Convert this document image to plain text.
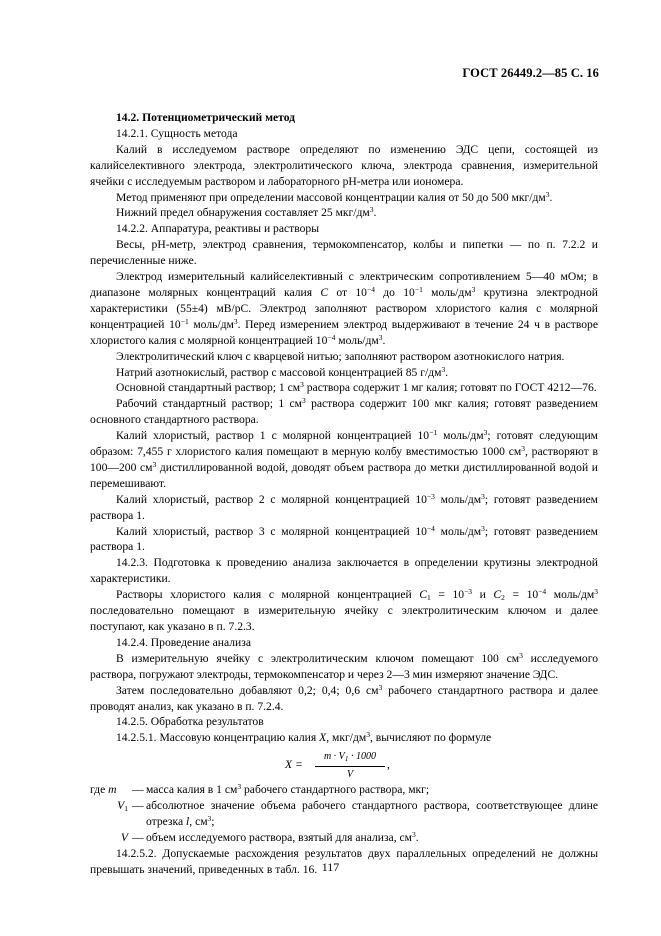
ГОСТ 26449.2—85 С. 16

14.2. Потенциометрический метод

14.2.1. Сущность метода

Калий в исследуемом растворе определяют по изменению ЭДС цепи, состоящей из калийселективного электрода, электролитического ключа, электрода сравнения, измерительной ячейки с исследуемым раствором и лабораторного pH-метра или иономера.

Метод применяют при определении массовой концентрации калия от 50 до 500 мкг/$дм^3$.

Нижний предел обнаружения составляет 25 мкг/$дм^3$.

14.2.2. Аппаратура, реактивы и растворы

Весы, pH-метр, электрод сравнения, термокомпенсатор, колбы и пипетки — по п. 7.2.2 и перечисленные ниже.

Электрод измерительный калийселективный с электрическим сопротивлением 5—40 мОм; в диапазоне молярных концентраций калия C от $10^{-4}$ до $10^{-1}$ моль/$дм^3$ крутизна электродной характеристики (55±4) мВ/pС. Электрод заполняют раствором хлористого калия с молярной концентрацией $10^{-1}$ моль/$дм^3$. Перед измерением электрод выдерживают в течение 24 ч в растворе хлористого калия с молярной концентрацией $10^{-4}$ моль/$дм^3$.

Электролитический ключ с кварцевой нитью; заполняют раствором азотнокислого натрия.

Натрий азотнокислый, раствор с массовой концентрацией 85 $г/дм^3$.

Основной стандартный раствор; 1 $см^3$ раствора содержит 1 мг калия; готовят по ГОСТ 4212—76.

Рабочий стандартный раствор; 1 $см^3$ раствора содержит 100 мкг калия; готовят разведением основного стандартного раствора.

Калий хлористый, раствор 1 с молярной концентрацией $10^{-1}$ моль/$дм^3$; готовят следующим образом: 7,455 г хлористого калия помещают в мерную колбу вместимостью 1000 $см^3$, растворяют в 100—200 $см^3$ дистиллированной водой, доводят объем раствора до метки дистиллированной водой и перемешивают.

Калий хлористый, раствор 2 с молярной концентрацией $10^{-3}$ моль/$дм^3$; готовят разведением раствора 1.

Калий хлористый, раствор 3 с молярной концентрацией $10^{-4}$ моль/$дм^3$; готовят разведением раствора 1.

14.2.3. Подготовка к проведению анализа заключается в определении крутизны электродной характеристики.

Растворы хлористого калия с молярной концентрацией $C_1 = 10^{-3}$ и $C_2 = 10^{-4}$ моль/$дм^3$ последовательно помещают в измерительную ячейку с электролитическим ключом и далее поступают, как указано в п. 7.2.3.

14.2.4. Проведение анализа

В измерительную ячейку с электролитическим ключом помещают 100 $см^3$ исследуемого раствора, погружают электроды, термокомпенсатор и через 2—3 мин измеряют значение ЭДС.

Затем последовательно добавляют 0,2; 0,4; 0,6 $см^3$ рабочего стандартного раствора и далее проводят анализ, как указано в п. 7.2.4.

14.2.5. Обработка результатов

14.2.5.1. Массовую концентрацию калия X, мкг/$дм^3$, вычисляют по формуле

$X = \frac{m \cdot V_1 \cdot 1000}{V}$ ,
где m	— масса калия в 1 $см^3$ рабочего стандартного раствора, мкг;
$V_1$ — абсолютное значение объема рабочего стандартного раствора, соответствующее длине отрезка l, $см^3$;
V — объем исследуемого раствора, взятый для анализа, $см^3$.

14.2.5.2. Допускаемые расхождения результатов двух параллельных определений не должны превышать значений, приведенных в табл. 16. 117
